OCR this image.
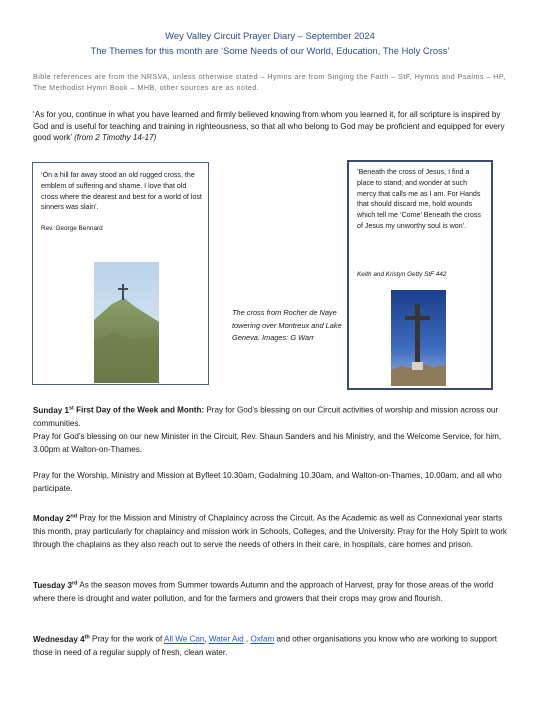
Wey Valley Circuit Prayer Diary – September 2024
The Themes for this month are ‘Some Needs of our World, Education, The Holy Cross’
Bible references are from the NRSVA, unless otherwise stated – Hymns are from Singing the Faith – StF, Hymns and Psalms – HP, The Methodist Hymn Book – MHB, other sources are as noted.
‘As for you, continue in what you have learned and firmly believed knowing from whom you learned it, for all scripture is inspired by God and is useful for teaching and training in righteousness, so that all who belong to God may be proficient and equipped for every good work’ (from 2 Timothy 14-17)
‘On a hill far away stood an old rugged cross, the emblem of suffering and shame. I love that old cross where the dearest and best for a world of lost sinners was slain’.
Rev. George Bennard
The cross from Rocher de Naye towering over Montreux and Lake Geneva. Images: G Warr
‘Beneath the cross of Jesus, I find a place to stand; and wonder at such mercy that calls me as I am. For Hands that should discard me, hold wounds which tell me ‘Come’ Beneath the cross of Jesus my unworthy soul is won’.
Keith and Kristyn Getty StF 442
Sunday 1st First Day of the Week and Month: Pray for God’s blessing on our Circuit activities of worship and mission across our communities.
Pray for God’s blessing on our new Minister in the Circuit, Rev. Shaun Sanders and his Ministry, and the Welcome Service, for him, 3.00pm at Walton-on-Thames.
Pray for the Worship, Ministry and Mission at Byfleet 10.30am, Godalming 10.30am, and Walton-on-Thames, 10.00am, and all who participate.
Monday 2nd Pray for the Mission and Ministry of Chaplaincy across the Circuit. As the Academic as well as Connexional year starts this month, pray particularly for chaplaincy and mission work in Schools, Colleges, and the University. Pray for the Holy Spirit to work through the chaplains as they also reach out to serve the needs of others in their care, in hospitals, care homes and prison.
Tuesday 3rd As the season moves from Summer towards Autumn and the approach of Harvest, pray for those areas of the world where there is drought and water pollution, and for the farmers and growers that their crops may grow and flourish.
Wednesday 4th Pray for the work of All We Can, Water Aid , Oxfam and other organisations you know who are working to support those in need of a regular supply of fresh, clean water.
